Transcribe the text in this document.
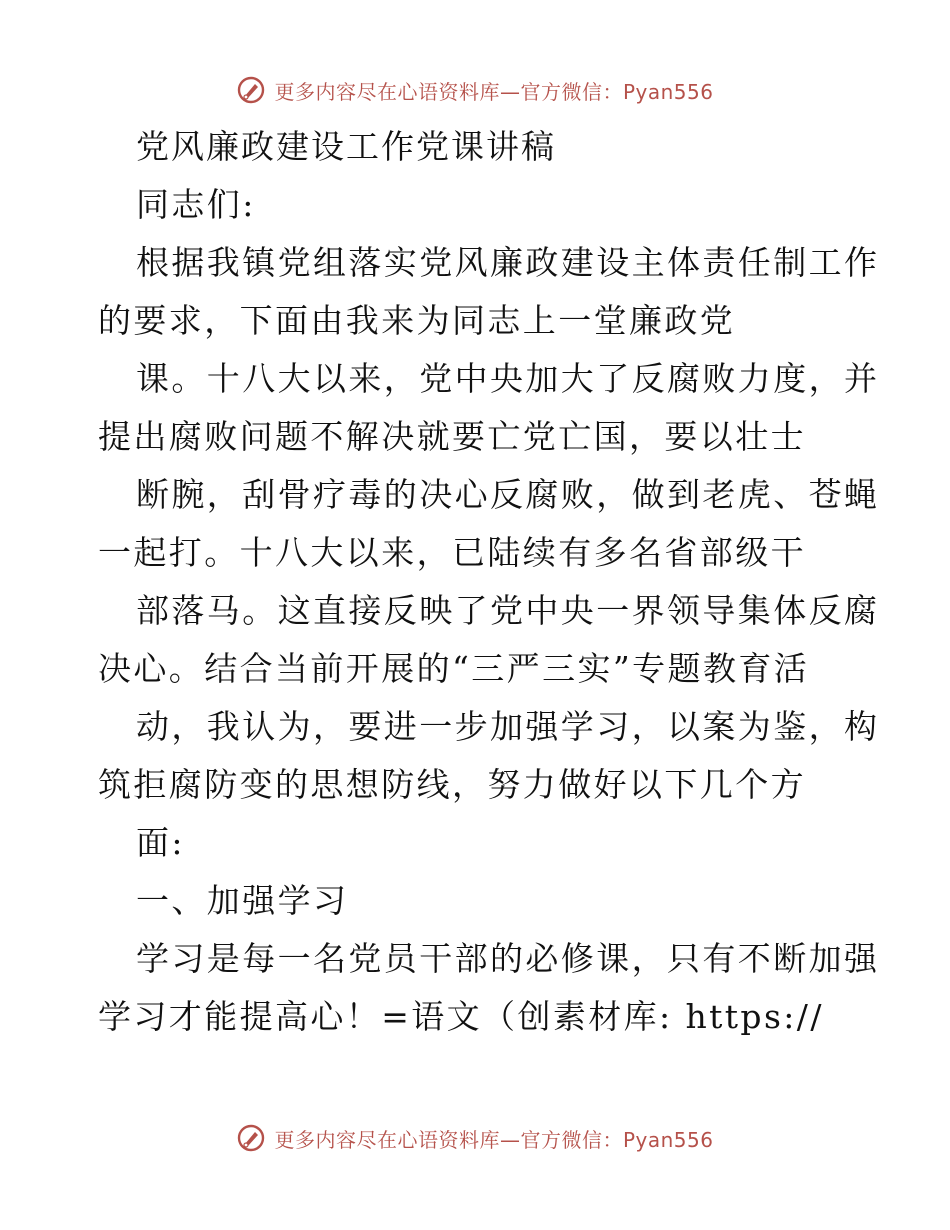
更多内容尽在心语资料库—官方微信：Pyan556
党风廉政建设工作党课讲稿
同志们:
根据我镇党组落实党风廉政建设主体责任制工作
的要求，下面由我来为同志上一堂廉政党
课。十八大以来，党中央加大了反腐败力度，并
提出腐败问题不解决就要亡党亡国，要以壮士
断腕，刮骨疗毒的决心反腐败，做到老虎、苍蝇
一起打。十八大以来，已陆续有多名省部级干
部落马。这直接反映了党中央一界领导集体反腐
决心。结合当前开展的“三严三实”专题教育活
动，我认为，要进一步加强学习，以案为鉴，构
筑拒腐防变的思想防线，努力做好以下几个方
面:
一、加强学习
学习是每一名党员干部的必修课，只有不断加强
学习才能提高心！=语文（创素材库: https://
更多内容尽在心语资料库—官方微信：Pyan556
